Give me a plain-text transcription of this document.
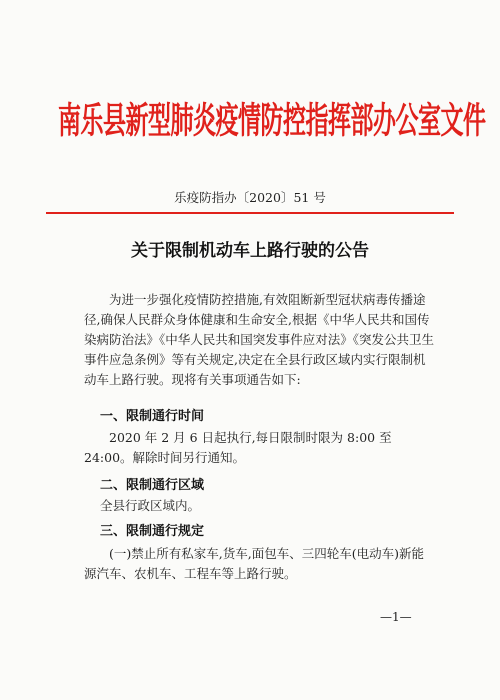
南乐县新型肺炎疫情防控指挥部办公室文件
乐疫防指办〔2020〕51 号
关于限制机动车上路行驶的公告
为进一步强化疫情防控措施,有效阻断新型冠状病毒传播途径,确保人民群众身体健康和生命安全,根据《中华人民共和国传染病防治法》《中华人民共和国突发事件应对法》《突发公共卫生事件应急条例》等有关规定,决定在全县行政区域内实行限制机动车上路行驶。现将有关事项通告如下:
一、限制通行时间
2020 年 2 月 6 日起执行,每日限制时限为 8:00 至 24:00。解除时间另行通知。
二、限制通行区域
全县行政区域内。
三、限制通行规定
(一)禁止所有私家车,货车,面包车、三四轮车(电动车)新能源汽车、农机车、工程车等上路行驶。
—1—
